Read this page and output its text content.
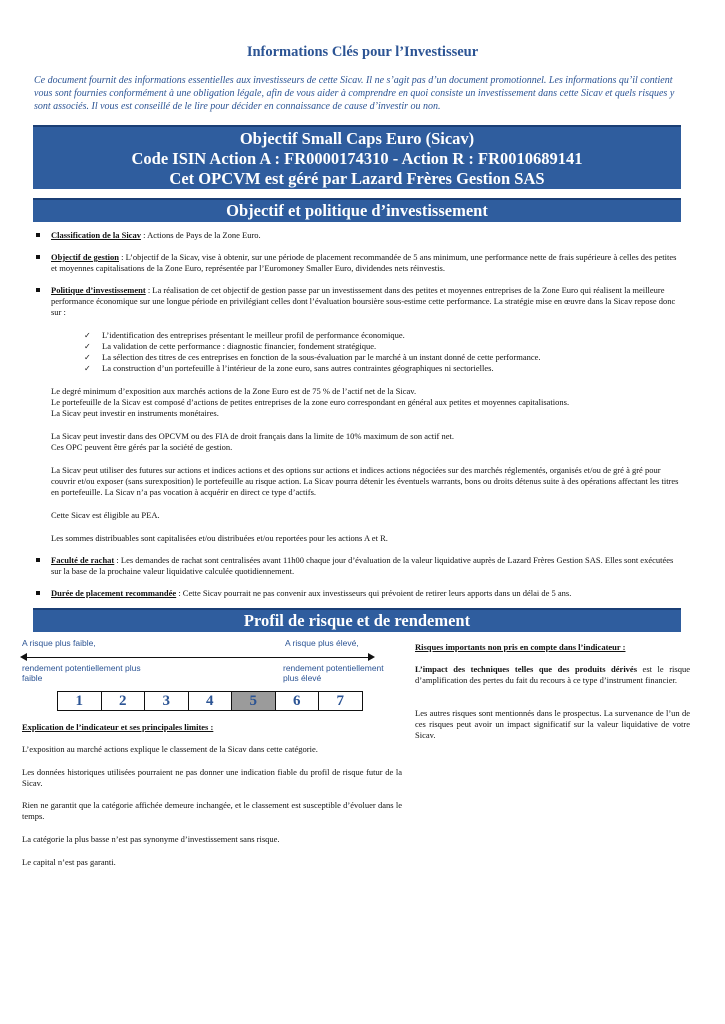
Informations Clés pour l’Investisseur
Ce document fournit des informations essentielles aux investisseurs de cette Sicav. Il ne s’agit pas d’un document promotionnel. Les informations qu’il contient vous sont fournies conformément à une obligation légale, afin de vous aider à comprendre en quoi consiste un investissement dans cette Sicav et quels risques y sont associés. Il vous est conseillé de le lire pour décider en connaissance de cause d’investir ou non.
Objectif Small Caps Euro (Sicav)
Code ISIN Action A : FR0000174310 - Action R : FR0010689141
Cet OPCVM est géré par Lazard Frères Gestion SAS
Objectif et politique d’investissement
Classification de la Sicav : Actions de Pays de la Zone Euro.
Objectif de gestion : L’objectif de la Sicav, vise à obtenir, sur une période de placement recommandée de 5 ans minimum, une performance nette de frais supérieure à celles des petites et moyennes capitalisations de la Zone Euro, représentée par l’Euromoney Smaller Euro, dividendes nets réinvestis.
Politique d’investissement : La réalisation de cet objectif de gestion passe par un investissement dans des petites et moyennes entreprises de la Zone Euro qui réalisent la meilleure performance économique sur une longue période en privilégiant celles dont l’évaluation boursière sous-estime cette performance. La stratégie mise en œuvre dans la Sicav repose donc sur :
✓ L’identification des entreprises présentant le meilleur profil de performance économique.
✓ La validation de cette performance : diagnostic financier, fondement stratégique.
✓ La sélection des titres de ces entreprises en fonction de la sous-évaluation par le marché à un instant donné de cette performance.
✓ La construction d’un portefeuille à l’intérieur de la zone euro, sans autres contraintes géographiques ni sectorielles.
Le degré minimum d’exposition aux marchés actions de la Zone Euro est de 75 % de l’actif net de la Sicav.
Le portefeuille de la Sicav est composé d’actions de petites entreprises de la zone euro correspondant en général aux petites et moyennes capitalisations.
La Sicav peut investir en instruments monétaires.
La Sicav peut investir dans des OPCVM ou des FIA de droit français dans la limite de 10% maximum de son actif net.
Ces OPC peuvent être gérés par la société de gestion.
La Sicav peut utiliser des futures sur actions et indices actions et des options sur actions et indices actions négociées sur des marchés réglementés, organisés et/ou de gré à gré pour couvrir et/ou exposer (sans surexposition) le portefeuille au risque action. La Sicav pourra détenir les éventuels warrants, bons ou droits détenus suite à des opérations affectant les titres en portefeuille. La Sicav n’a pas vocation à acquérir en direct ce type d’actifs.
Cette Sicav est éligible au PEA.
Les sommes distribuables sont capitalisées et/ou distribuées et/ou reportées pour les actions A et R.
Faculté de rachat : Les demandes de rachat sont centralisées avant 11h00 chaque jour d’évaluation de la valeur liquidative auprès de Lazard Frères Gestion SAS. Elles sont exécutées sur la base de la prochaine valeur liquidative calculée quotidiennement.
Durée de placement recommandée : Cette Sicav pourrait ne pas convenir aux investisseurs qui prévoient de retirer leurs apports dans un délai de 5 ans.
Profil de risque et de rendement
A risque plus faible,	A risque plus élevé,
rendement potentiellement plus faible
rendement potentiellement plus élevé
1	2	3	4	5	6	7
Explication de l’indicateur et ses principales limites :
L’exposition au marché actions explique le classement de la Sicav dans cette catégorie.
Les données historiques utilisées pourraient ne pas donner une indication fiable du profil de risque futur de la Sicav.
Rien ne garantit que la catégorie affichée demeure inchangée, et le classement est susceptible d’évoluer dans le temps.
La catégorie la plus basse n’est pas synonyme d’investissement sans risque.
Le capital n’est pas garanti.
Risques importants non pris en compte dans l’indicateur :
L’impact des techniques telles que des produits dérivés est le risque d’amplification des pertes du fait du recours à ce type d’instrument financier.
Les autres risques sont mentionnés dans le prospectus. La survenance de l’un de ces risques peut avoir un impact significatif sur la valeur liquidative de votre Sicav.
